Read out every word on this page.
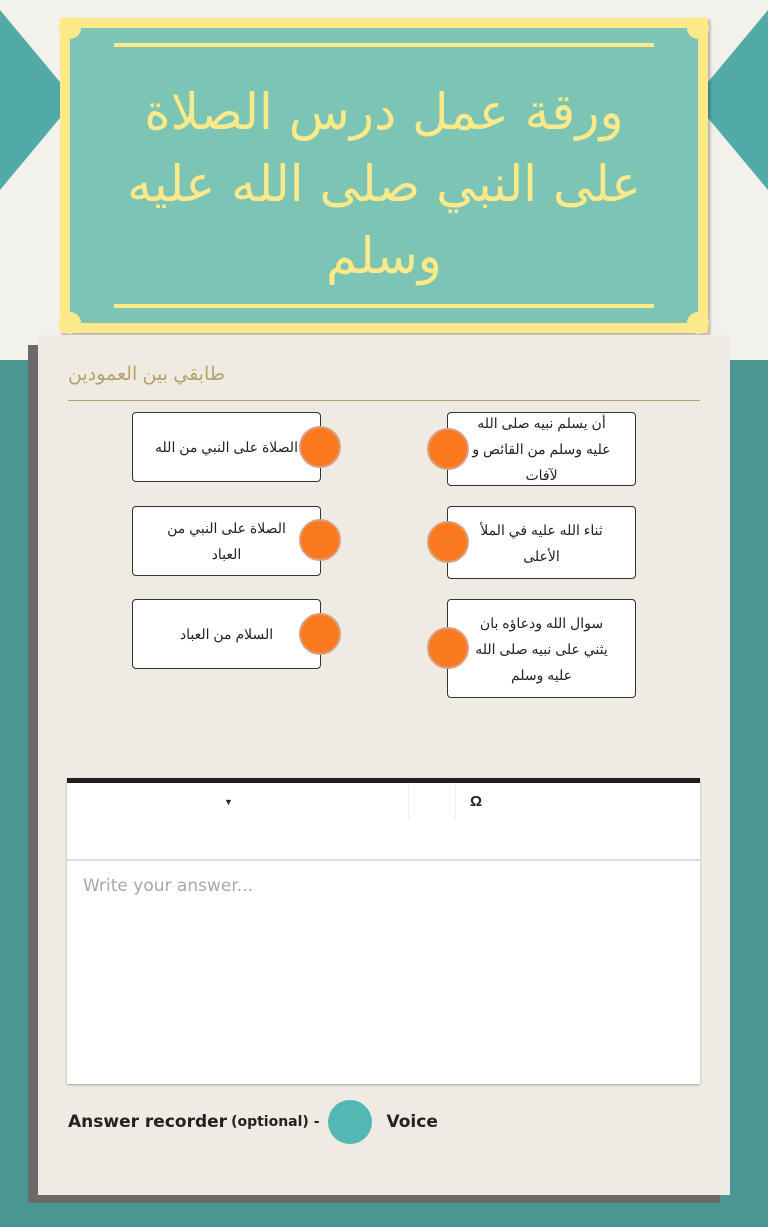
ورقة عمل درس الصلاة على النبي صلى الله عليه وسلم
طابقي بين العمودين
الصلاة على النبي من الله
الصلاة على النبي من العباد
السلام من العباد
أن يسلم نبيه صلى الله عليه وسلم من القائص و لآفات
ثناء الله عليه في الملأ الأعلى
سوال الله ودعاؤه بان يثني على نبيه صلى الله عليه وسلم
▼	Ω
Write your answer...
Answer recorder (optional) -	Voice
